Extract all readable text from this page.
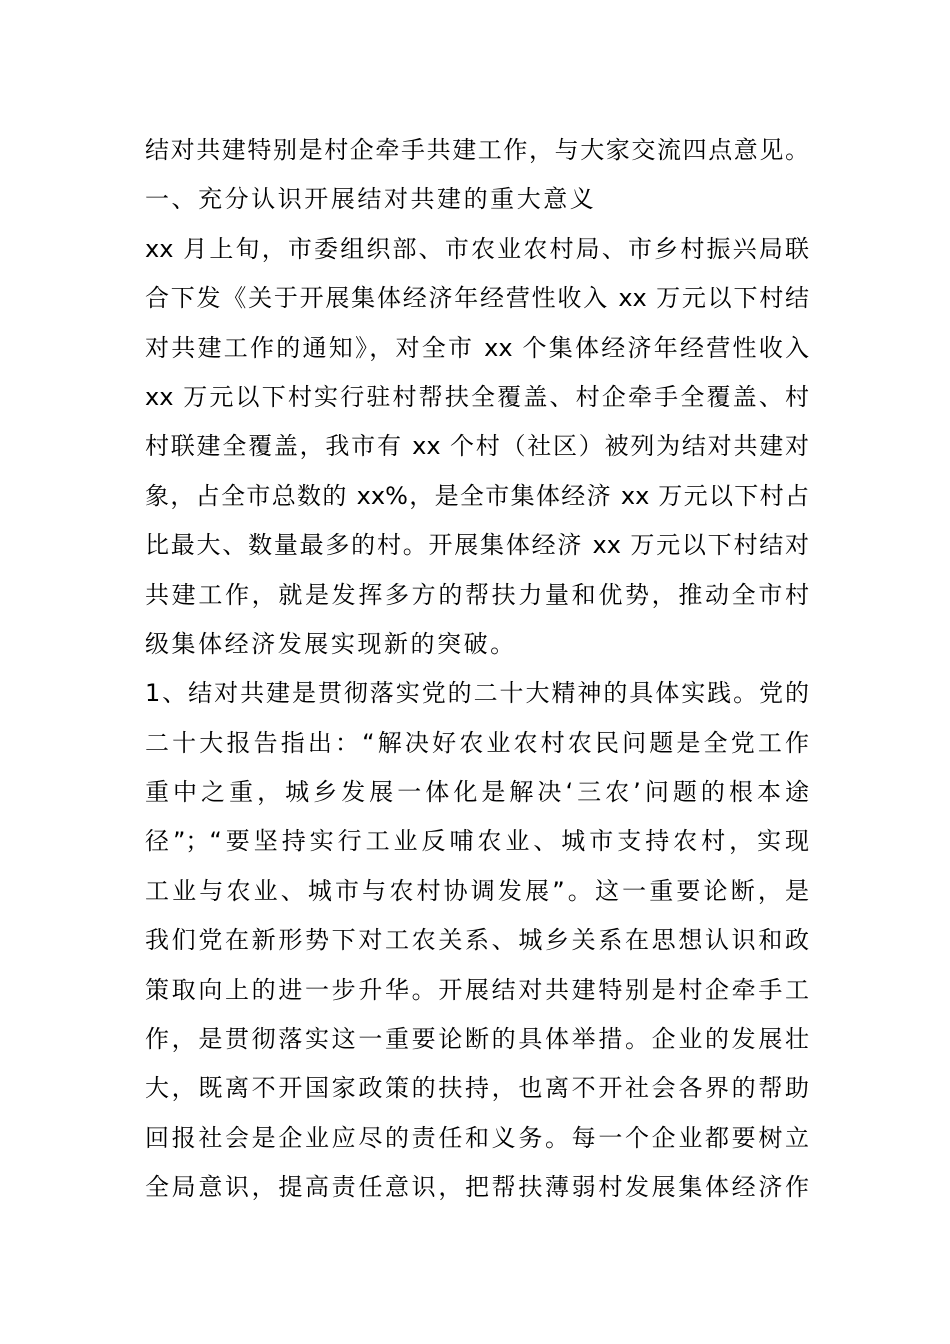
结对共建特别是村企牵手共建工作，与大家交流四点意见。
一、充分认识开展结对共建的重大意义
xx 月上旬，市委组织部、市农业农村局、市乡村振兴局联
合下发《关于开展集体经济年经营性收入 xx 万元以下村结
对共建工作的通知》，对全市 xx 个集体经济年经营性收入
xx 万元以下村实行驻村帮扶全覆盖、村企牵手全覆盖、村
村联建全覆盖，我市有 xx 个村（社区）被列为结对共建对
象，占全市总数的 xx%，是全市集体经济 xx 万元以下村占
比最大、数量最多的村。开展集体经济 xx 万元以下村结对
共建工作，就是发挥多方的帮扶力量和优势，推动全市村
级集体经济发展实现新的突破。
1、结对共建是贯彻落实党的二十大精神的具体实践。党的
二十大报告指出：“解决好农业农村农民问题是全党工作
重中之重，城乡发展一体化是解决‘三农’问题的根本途
径”；“要坚持实行工业反哺农业、城市支持农村，实现
工业与农业、城市与农村协调发展”。这一重要论断，是
我们党在新形势下对工农关系、城乡关系在思想认识和政
策取向上的进一步升华。开展结对共建特别是村企牵手工
作，是贯彻落实这一重要论断的具体举措。企业的发展壮
大，既离不开国家政策的扶持，也离不开社会各界的帮助
回报社会是企业应尽的责任和义务。每一个企业都要树立
全局意识，提高责任意识，把帮扶薄弱村发展集体经济作
